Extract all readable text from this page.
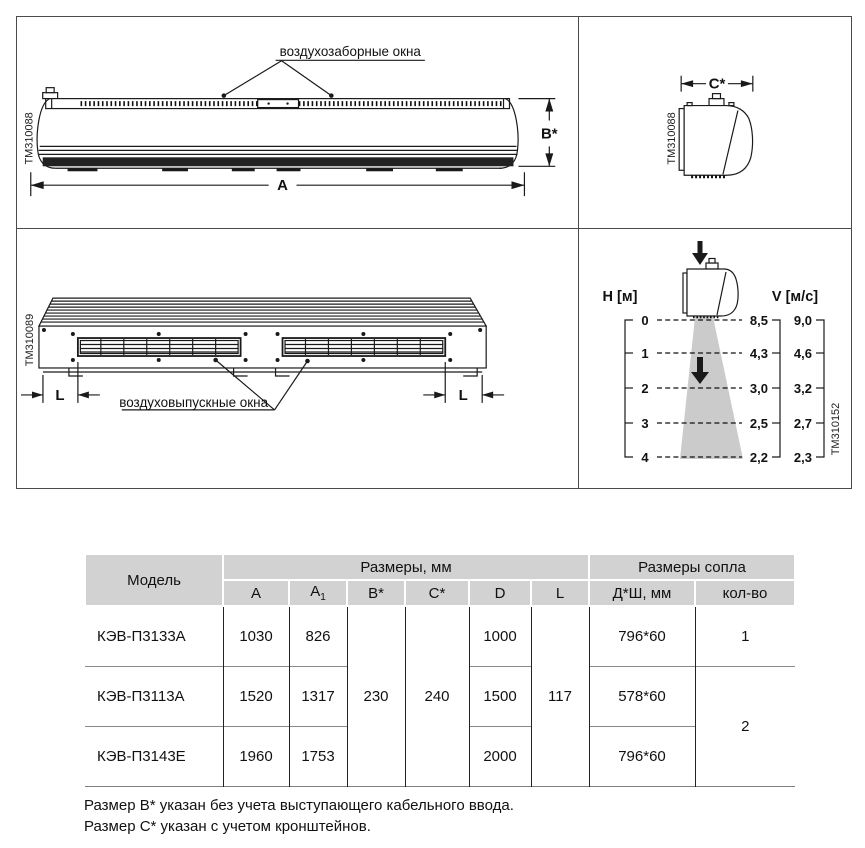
воздухозаборные окна
ТМ310088	B*
A
C*
ТМ310088
L	L
воздуховыпускные окна
ТМ310089
H [м]	V [м/с]
0
1
2
3
4
8,5
4,3
3,0
2,5
2,2
9,0
4,6
3,2
2,7
2,3
ТМ310152
Модель	Размеры, мм						Размеры сопла	
	A	$A_1$	B*	C*	D	L	Д*Ш, мм	кол-во
КЭВ-П3133А	1030	826	230	240	1000	117	796*60	1
КЭВ-П3113А	1520	1317			1500		578*60	2
КЭВ-П3143Е	1960	1753			2000		796*60	
Размер В* указан без учета выступающего кабельного ввода.
Размер С* указан с учетом кронштейнов.
